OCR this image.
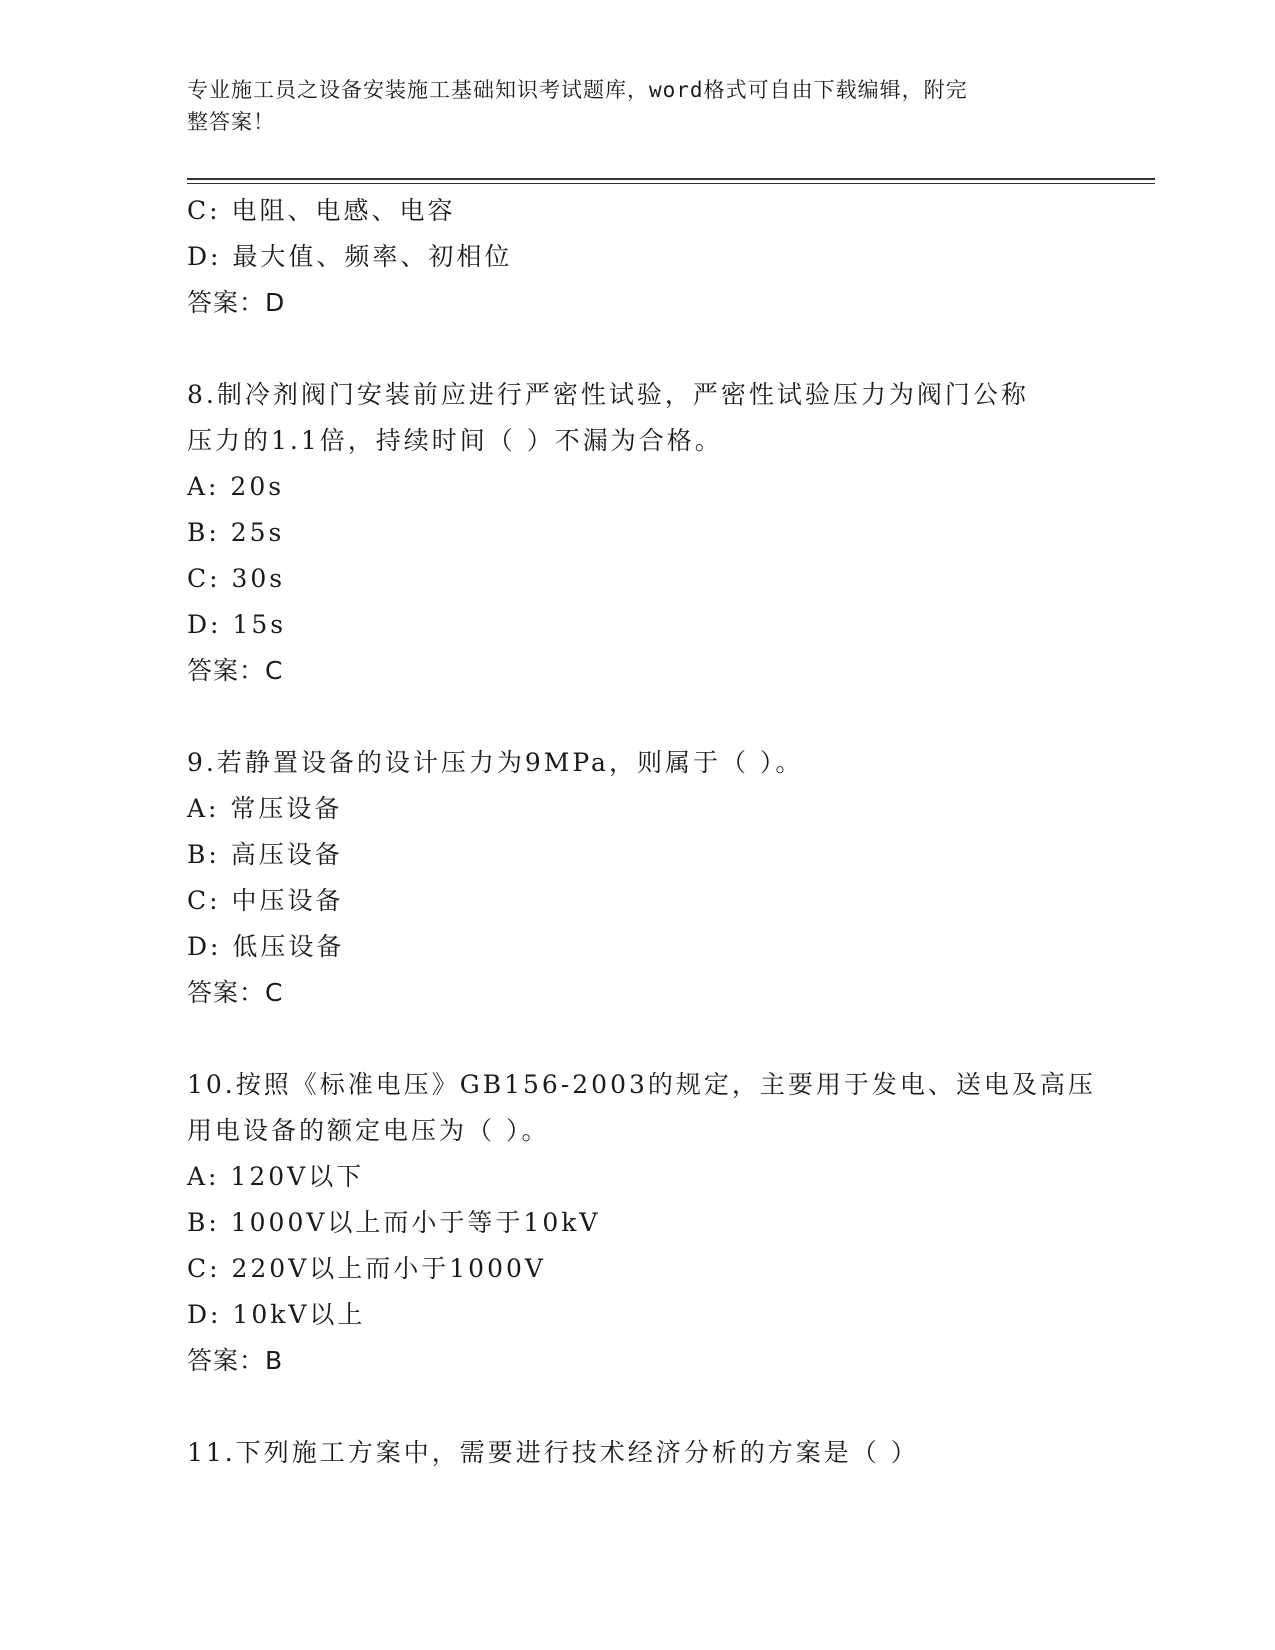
专业施工员之设备安装施工基础知识考试题库，word格式可自由下载编辑，附完
整答案！
C: 电阻、电感、电容
D: 最大值、频率、初相位
答案：D
8.制冷剂阀门安装前应进行严密性试验，严密性试验压力为阀门公称
压力的1.1倍，持续时间（ ）不漏为合格。
A: 20s
B: 25s
C: 30s
D: 15s
答案：C
9.若静置设备的设计压力为9MPa，则属于（ ）。
A: 常压设备
B: 高压设备
C: 中压设备
D: 低压设备
答案：C
10.按照《标准电压》GB156-2003的规定，主要用于发电、送电及高压
用电设备的额定电压为（ ）。
A: 120V以下
B: 1000V以上而小于等于10kV
C: 220V以上而小于1000V
D: 10kV以上
答案：B
11.下列施工方案中，需要进行技术经济分析的方案是（ ）
